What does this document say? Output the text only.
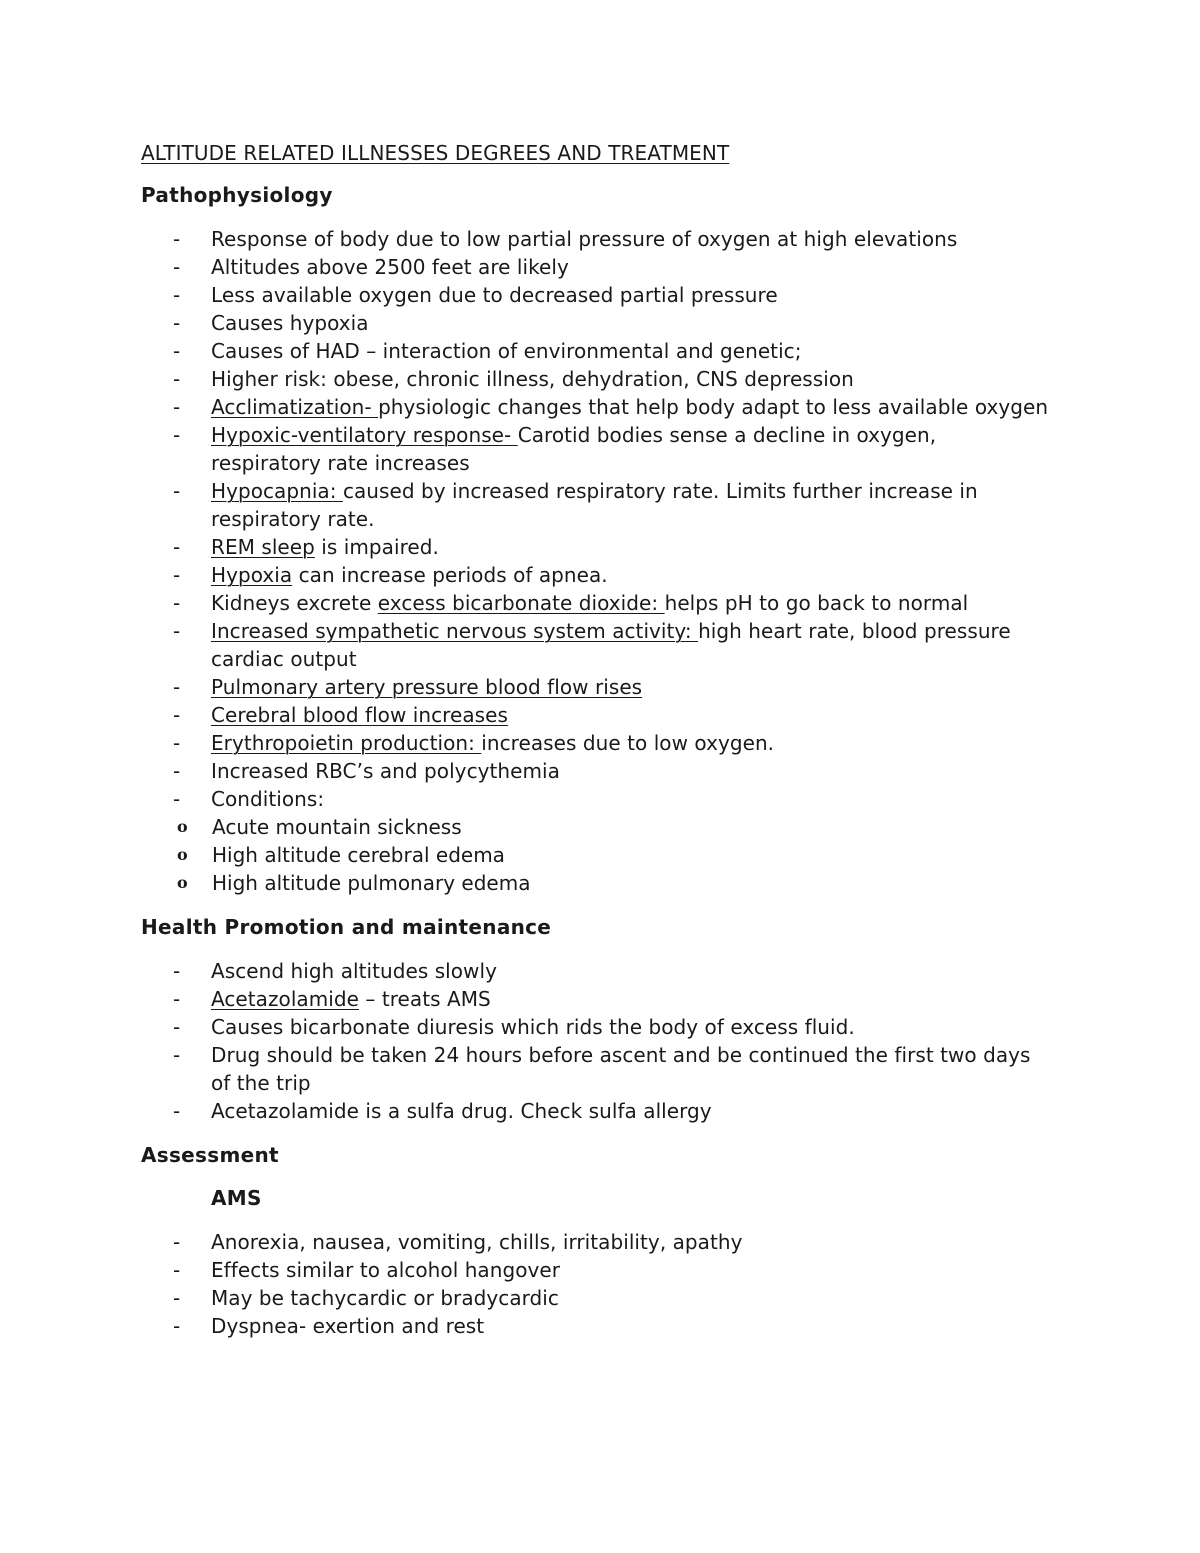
ALTITUDE RELATED ILLNESSES DEGREES AND TREATMENT
Pathophysiology
- Response of body due to low partial pressure of oxygen at high elevations
- Altitudes above 2500 feet are likely
- Less available oxygen due to decreased partial pressure
- Causes hypoxia
- Causes of HAD – interaction of environmental and genetic;
- Higher risk: obese, chronic illness, dehydration, CNS depression
- Acclimatization- physiologic changes that help body adapt to less available oxygen
- Hypoxic-ventilatory response- Carotid bodies sense a decline in oxygen, respiratory rate increases
- Hypocapnia: caused by increased respiratory rate. Limits further increase in respiratory rate.
- REM sleep is impaired.
- Hypoxia can increase periods of apnea.
- Kidneys excrete excess bicarbonate dioxide: helps pH to go back to normal
- Increased sympathetic nervous system activity: high heart rate, blood pressure cardiac output
- Pulmonary artery pressure blood flow rises
- Cerebral blood flow increases
- Erythropoietin production: increases due to low oxygen.
- Increased RBC’s and polycythemia
- Conditions:
o Acute mountain sickness
o High altitude cerebral edema
o High altitude pulmonary edema
Health Promotion and maintenance
- Ascend high altitudes slowly
- Acetazolamide – treats AMS
- Causes bicarbonate diuresis which rids the body of excess fluid.
- Drug should be taken 24 hours before ascent and be continued the first two days of the trip
- Acetazolamide is a sulfa drug. Check sulfa allergy
Assessment
AMS
- Anorexia, nausea, vomiting, chills, irritability, apathy
- Effects similar to alcohol hangover
- May be tachycardic or bradycardic
- Dyspnea- exertion and rest
